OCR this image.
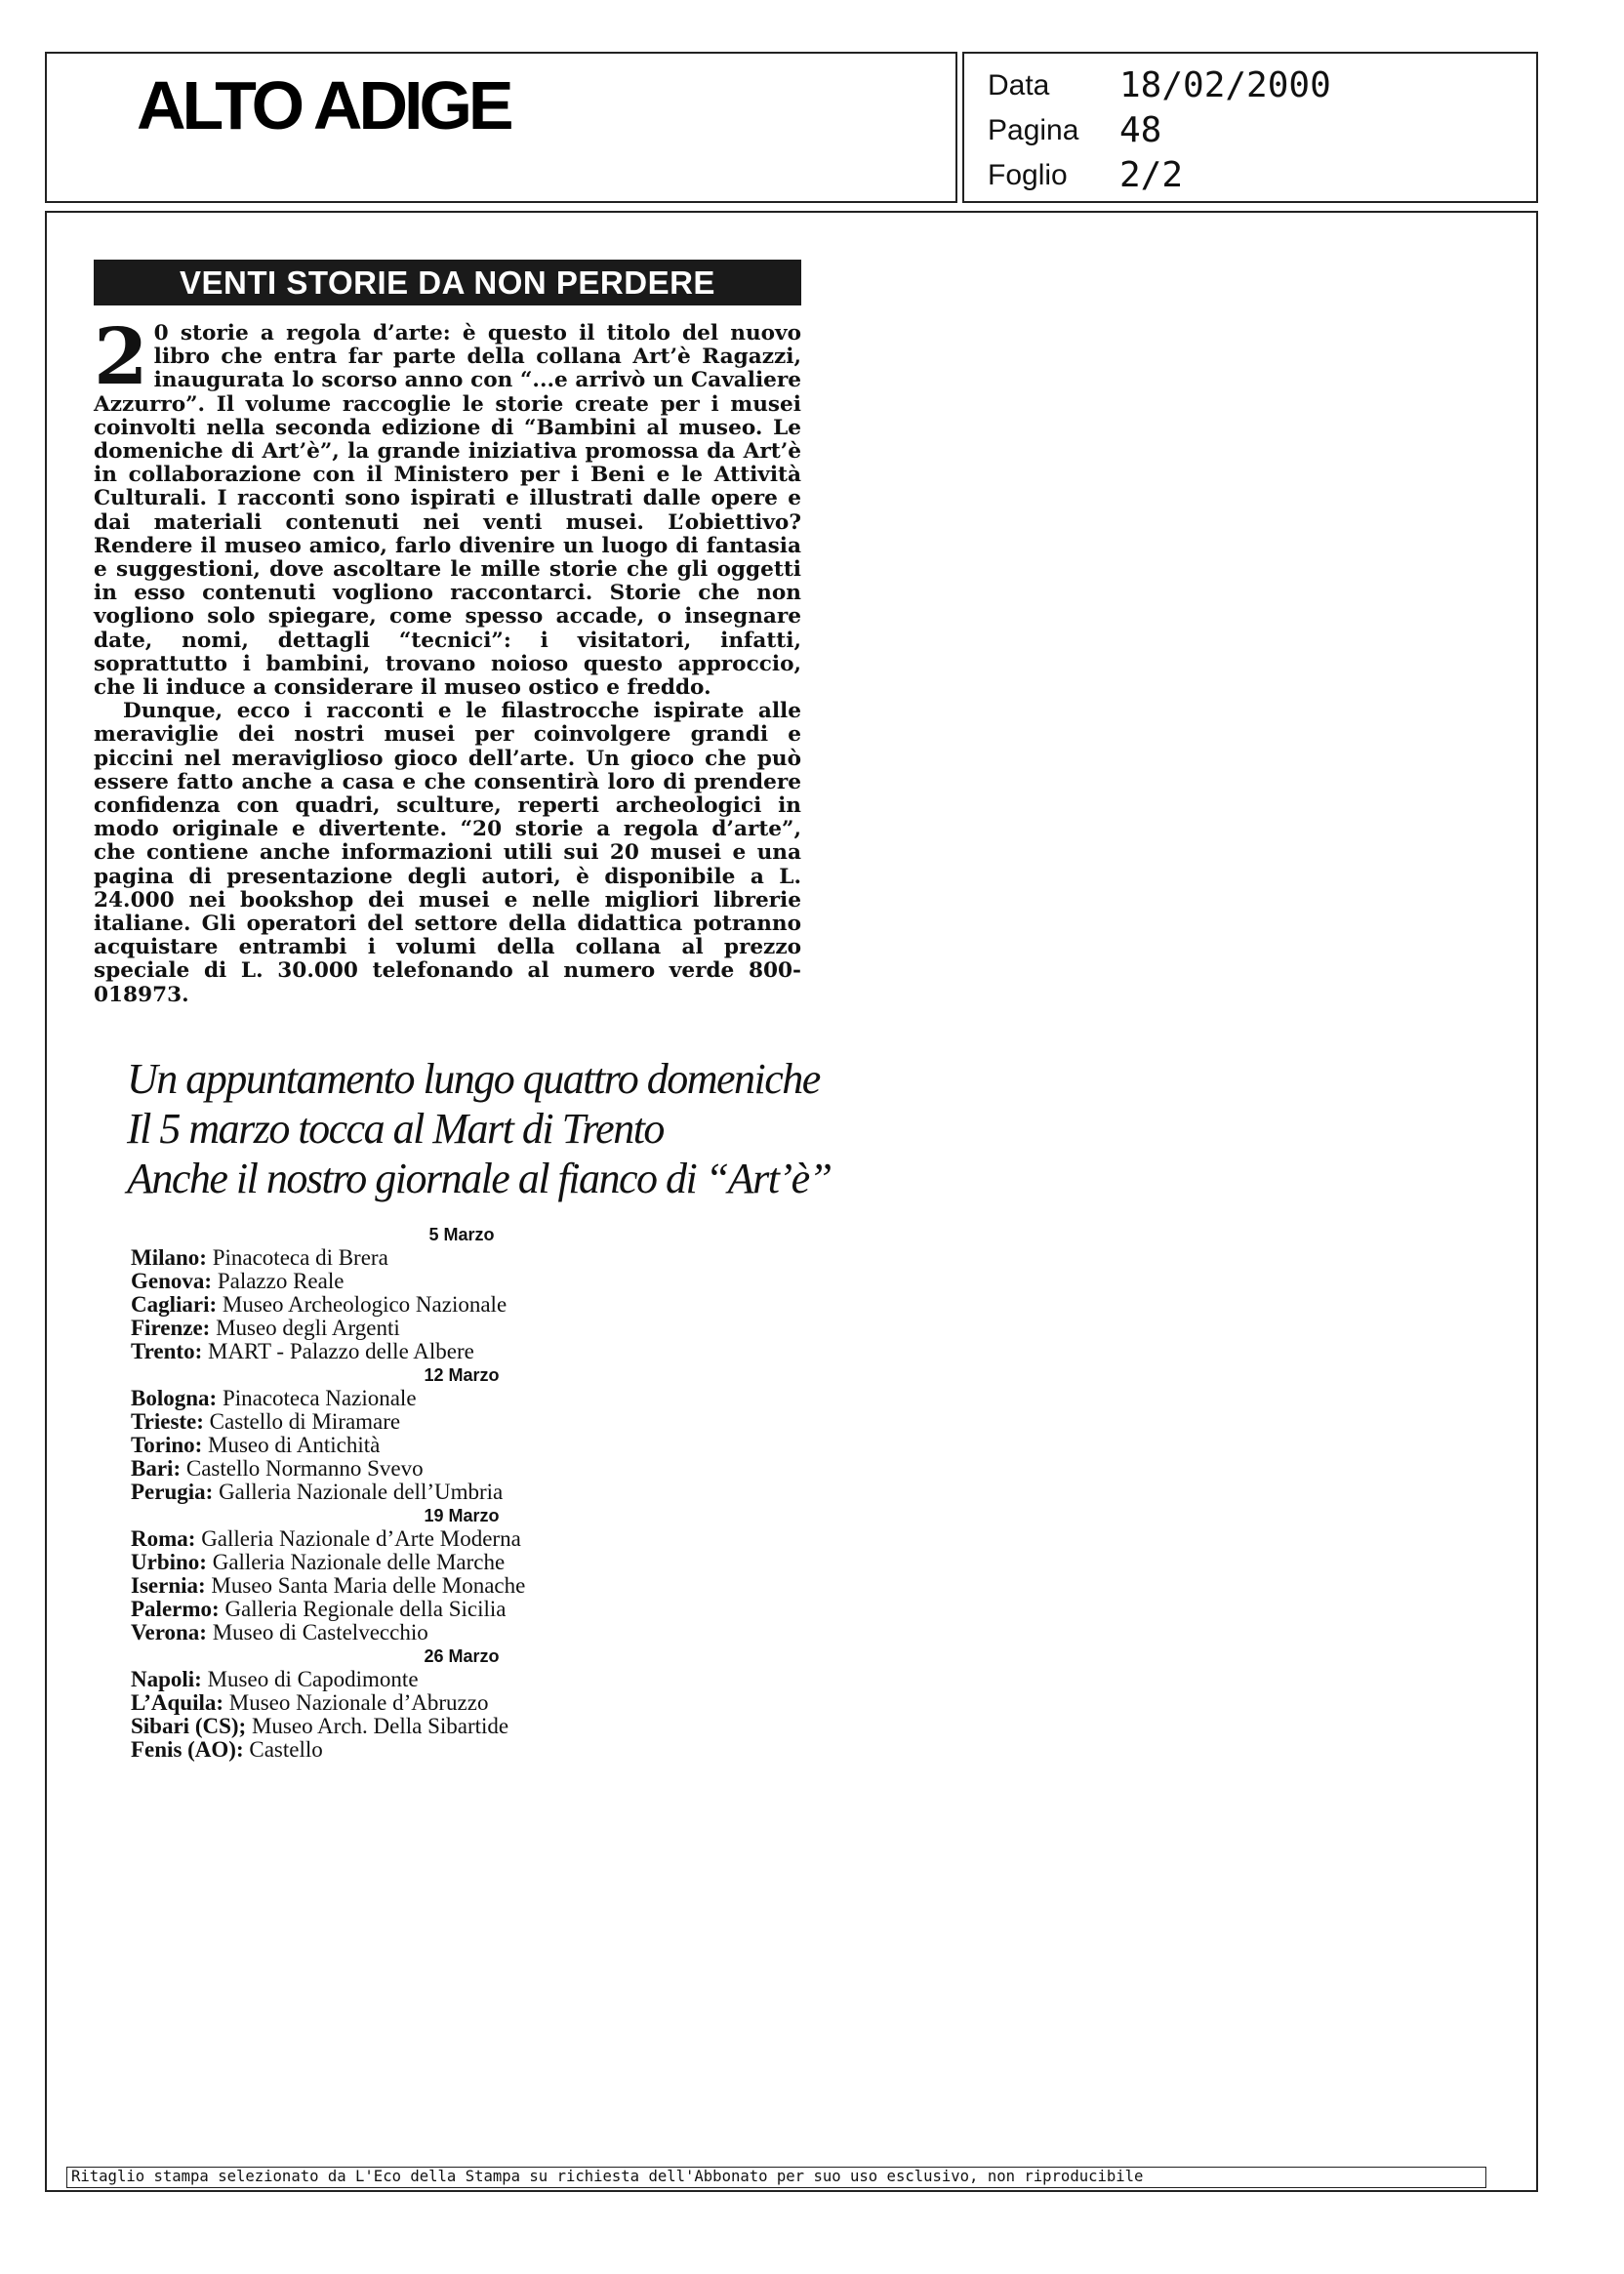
ALTO ADIGE	Data	18/02/2000
Pagina	48
Foglio	2/2
VENTI STORIE DA NON PERDERE

2 0 storie a regola d’arte: è questo il titolo del nuovo libro che entra far parte della collana Art’è Ragazzi, inaugurata lo scorso anno con “...e arrivò un Cavaliere Azzurro”. Il volume raccoglie le storie create per i musei coinvolti nella seconda edizione di “Bambini al museo. Le domeniche di Art’è”, la grande iniziativa promossa da Art’è in collaborazione con il Ministero per i Beni e le Attività Culturali. I racconti sono ispirati e illustrati dalle opere e dai materiali contenuti nei venti musei. L’obiettivo? Rendere il museo amico, farlo divenire un luogo di fantasia e suggestioni, dove ascoltare le mille storie che gli oggetti in esso contenuti vogliono raccontarci. Storie che non vogliono solo spiegare, come spesso accade, o insegnare date, nomi, dettagli “tecnici”: i visitatori, infatti, soprattutto i bambini, trovano noioso questo approccio, che li induce a considerare il museo ostico e freddo.

Dunque, ecco i racconti e le filastrocche ispirate alle meraviglie dei nostri musei per coinvolgere grandi e piccini nel meraviglioso gioco dell’arte. Un gioco che può essere fatto anche a casa e che consentirà loro di prendere confidenza con quadri, sculture, reperti archeologici in modo originale e divertente. “20 storie a regola d’arte”, che contiene anche informazioni utili sui 20 musei e una pagina di presentazione degli autori, è disponibile a L. 24.000 nei bookshop dei musei e nelle migliori librerie italiane. Gli operatori del settore della didattica potranno acquistare entrambi i volumi della collana al prezzo speciale di L. 30.000 telefonando al numero verde 800-018973.

Un appuntamento lungo quattro domeniche
Il 5 marzo tocca al Mart di Trento
Anche il nostro giornale al fianco di “Art’è”
5 Marzo
Milano: Pinacoteca di Brera
Genova: Palazzo Reale
Cagliari: Museo Archeologico Nazionale
Firenze: Museo degli Argenti
Trento: MART - Palazzo delle Albere
12 Marzo
Bologna: Pinacoteca Nazionale
Trieste: Castello di Miramare
Torino: Museo di Antichità
Bari: Castello Normanno Svevo
Perugia: Galleria Nazionale dell’Umbria
19 Marzo
Roma: Galleria Nazionale d’Arte Moderna
Urbino: Galleria Nazionale delle Marche
Isernia: Museo Santa Maria delle Monache
Palermo: Galleria Regionale della Sicilia
Verona: Museo di Castelvecchio
26 Marzo
Napoli: Museo di Capodimonte
L’Aquila: Museo Nazionale d’Abruzzo
Sibari (CS); Museo Arch. Della Sibartide
Fenis (AO): Castello
Ritaglio stampa selezionato da L'Eco della Stampa su richiesta dell'Abbonato per suo uso esclusivo, non riproducibile
